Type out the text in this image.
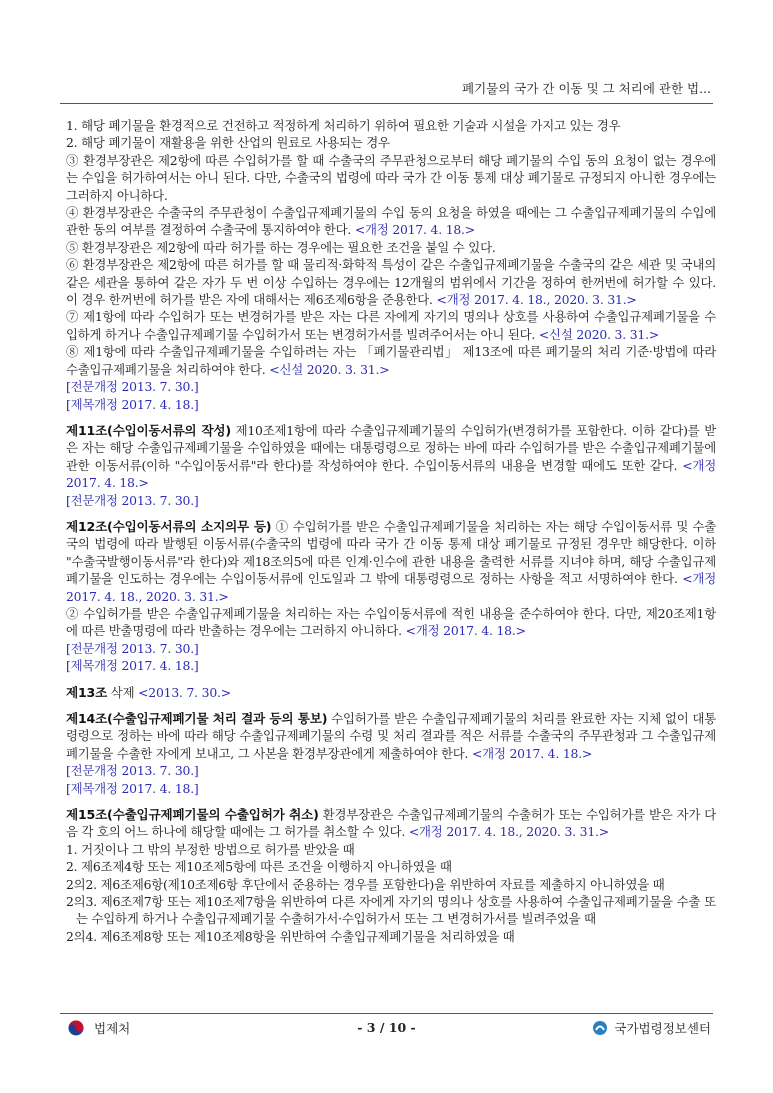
폐기물의 국가 간 이동 및 그 처리에 관한 법...

1. 해당 폐기물을 환경적으로 건전하고 적정하게 처리하기 위하여 필요한 기술과 시설을 가지고 있는 경우

2. 해당 폐기물이 재활용을 위한 산업의 원료로 사용되는 경우

③ 환경부장관은 제2항에 따른 수입허가를 할 때 수출국의 주무관청으로부터 해당 폐기물의 수입 동의 요청이 없는 경우에는 수입을 허가하여서는 아니 된다. 다만, 수출국의 법령에 따라 국가 간 이동 통제 대상 폐기물로 규정되지 아니한 경우에는 그러하지 아니하다.

④ 환경부장관은 수출국의 주무관청이 수출입규제폐기물의 수입 동의 요청을 하였을 때에는 그 수출입규제폐기물의 수입에 관한 동의 여부를 결정하여 수출국에 통지하여야 한다. <개정 2017. 4. 18.>

⑤ 환경부장관은 제2항에 따라 허가를 하는 경우에는 필요한 조건을 붙일 수 있다.

⑥ 환경부장관은 제2항에 따른 허가를 할 때 물리적·화학적 특성이 같은 수출입규제폐기물을 수출국의 같은 세관 및 국내의 같은 세관을 통하여 같은 자가 두 번 이상 수입하는 경우에는 12개월의 범위에서 기간을 정하여 한꺼번에 허가할 수 있다. 이 경우 한꺼번에 허가를 받은 자에 대해서는 제6조제6항을 준용한다. <개정 2017. 4. 18., 2020. 3. 31.>

⑦ 제1항에 따라 수입허가 또는 변경허가를 받은 자는 다른 자에게 자기의 명의나 상호를 사용하여 수출입규제폐기물을 수입하게 하거나 수출입규제폐기물 수입허가서 또는 변경허가서를 빌려주어서는 아니 된다. <신설 2020. 3. 31.>

⑧ 제1항에 따라 수출입규제폐기물을 수입하려는 자는 「폐기물관리법」 제13조에 따른 폐기물의 처리 기준·방법에 따라 수출입규제폐기물을 처리하여야 한다. <신설 2020. 3. 31.>

[전문개정 2013. 7. 30.]

[제목개정 2017. 4. 18.]

제11조(수입이동서류의 작성) 제10조제1항에 따라 수출입규제폐기물의 수입허가(변경허가를 포함한다. 이하 같다)를 받은 자는 해당 수출입규제폐기물을 수입하였을 때에는 대통령령으로 정하는 바에 따라 수입허가를 받은 수출입규제폐기물에 관한 이동서류(이하 "수입이동서류"라 한다)를 작성하여야 한다. 수입이동서류의 내용을 변경할 때에도 또한 같다. <개정 2017. 4. 18.>

[전문개정 2013. 7. 30.]

제12조(수입이동서류의 소지의무 등) ① 수입허가를 받은 수출입규제폐기물을 처리하는 자는 해당 수입이동서류 및 수출국의 법령에 따라 발행된 이동서류(수출국의 법령에 따라 국가 간 이동 통제 대상 폐기물로 규정된 경우만 해당한다. 이하 "수출국발행이동서류"라 한다)와 제18조의5에 따른 인계·인수에 관한 내용을 출력한 서류를 지녀야 하며, 해당 수출입규제폐기물을 인도하는 경우에는 수입이동서류에 인도일과 그 밖에 대통령령으로 정하는 사항을 적고 서명하여야 한다. <개정 2017. 4. 18., 2020. 3. 31.>

② 수입허가를 받은 수출입규제폐기물을 처리하는 자는 수입이동서류에 적힌 내용을 준수하여야 한다. 다만, 제20조제1항에 따른 반출명령에 따라 반출하는 경우에는 그러하지 아니하다. <개정 2017. 4. 18.>

[전문개정 2013. 7. 30.]

[제목개정 2017. 4. 18.]

제13조 삭제 <2013. 7. 30.>

제14조(수출입규제폐기물 처리 결과 등의 통보) 수입허가를 받은 수출입규제폐기물의 처리를 완료한 자는 지체 없이 대통령령으로 정하는 바에 따라 해당 수출입규제폐기물의 수령 및 처리 결과를 적은 서류를 수출국의 주무관청과 그 수출입규제폐기물을 수출한 자에게 보내고, 그 사본을 환경부장관에게 제출하여야 한다. <개정 2017. 4. 18.>

[전문개정 2013. 7. 30.]

[제목개정 2017. 4. 18.]

제15조(수출입규제폐기물의 수출입허가 취소) 환경부장관은 수출입규제폐기물의 수출허가 또는 수입허가를 받은 자가 다음 각 호의 어느 하나에 해당할 때에는 그 허가를 취소할 수 있다. <개정 2017. 4. 18., 2020. 3. 31.>

1. 거짓이나 그 밖의 부정한 방법으로 허가를 받았을 때

2. 제6조제4항 또는 제10조제5항에 따른 조건을 이행하지 아니하였을 때

2의2. 제6조제6항(제10조제6항 후단에서 준용하는 경우를 포함한다)을 위반하여 자료를 제출하지 아니하였을 때

2의3. 제6조제7항 또는 제10조제7항을 위반하여 다른 자에게 자기의 명의나 상호를 사용하여 수출입규제폐기물을 수출 또는 수입하게 하거나 수출입규제폐기물 수출허가서·수입허가서 또는 그 변경허가서를 빌려주었을 때

2의4. 제6조제8항 또는 제10조제8항을 위반하여 수출입규제폐기물을 처리하였을 때

법제처	- 3 / 10 -	국가법령정보센터
